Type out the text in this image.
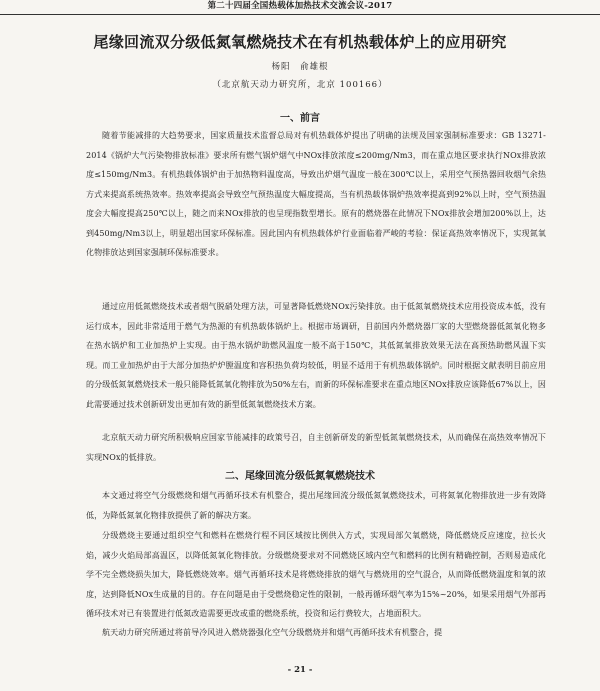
第二十四届全国热载体加热技术交流会议-2017
尾缘回流双分级低氮氧燃烧技术在有机热载体炉上的应用研究
杨阳　俞雄根
（北京航天动力研究所，北京 100166）
一、前言

随着节能减排的大趋势要求，国家质量技术监督总局对有机热载体炉提出了明确的法规及国家强制标准要求：GB 13271-2014《锅炉大气污染物排放标准》要求所有燃气锅炉烟气中NOx排放浓度≤200mg/Nm3，而在重点地区要求执行NOx排放浓度≤150mg/Nm3。有机热载体锅炉由于加热物料温度高，导致出炉烟气温度一般在300℃以上，采用空气预热器回收烟气余热方式来提高系统热效率。热效率提高会导致空气预热温度大幅度提高，当有机热载体锅炉热效率提高到92%以上时，空气预热温度会大幅度提高250℃以上，随之而来NOx排放的也呈现指数型增长。原有的燃烧器在此情况下NOx排放会增加200%以上，达到450mg/Nm3以上，明显超出国家环保标准。因此国内有机热载体炉行业面临着严峻的考验：保证高热效率情况下，实现氮氧化物排放达到国家强制环保标准要求。

通过应用低氮燃烧技术或者烟气脱硝处理方法，可显著降低燃烧NOx污染排放。由于低氮氧燃烧技术应用投资成本低，没有运行成本，因此非常适用于燃气为热源的有机热载体锅炉上。根据市场调研，目前国内外燃烧器厂家的大型燃烧器低氮氧化物多在热水锅炉和工业加热炉上实现。由于热水锅炉助燃风温度一般不高于150℃，其低氮氧排放效果无法在高预热助燃风温下实现。而工业加热炉由于大部分加热炉炉膛温度和容积热负荷均较低，明显不适用于有机热载体锅炉。同时根据文献表明目前应用的分级低氮氧燃烧技术一般只能降低氮氧化物排放为50%左右，而新的环保标准要求在重点地区NOx排放应该降低67%以上，因此需要通过技术创新研发出更加有效的新型低氮氧燃烧技术方案。

北京航天动力研究所积极响应国家节能减排的政策号召，自主创新研发的新型低氮氧燃烧技术，从而确保在高热效率情况下实现NOx的低排放。

二、尾缘回流分级低氮氧燃烧技术

本文通过将空气分级燃烧和烟气再循环技术有机整合，提出尾缘回流分级低氮氧燃烧技术，可将氮氧化物排放进一步有效降低，为降低氮氧化物排放提供了新的解决方案。

分级燃烧主要通过组织空气和燃料在燃烧行程不同区域按比例供入方式，实现局部欠氧燃烧，降低燃烧反应速度，拉长火焰，减少火焰局部高温区，以降低氮氧化物排放。分级燃烧要求对不同燃烧区域内空气和燃料的比例有精确控制，否则易造成化学不完全燃烧损失加大，降低燃烧效率。烟气再循环技术是将燃烧排放的烟气与燃烧用的空气混合，从而降低燃烧温度和氧的浓度，达到降低NOx生成量的目的。存在问题是由于受燃烧稳定性的限制，一般再循环烟气率为15%~20%，如果采用烟气外部再循环技术对已有装置进行低氮改造需要更改或重的燃烧系统，投资和运行费较大，占地面积大。

航天动力研究所通过将前导冷风进入燃烧器强化空气分级燃烧并和烟气再循环技术有机整合，提

- 21 -
